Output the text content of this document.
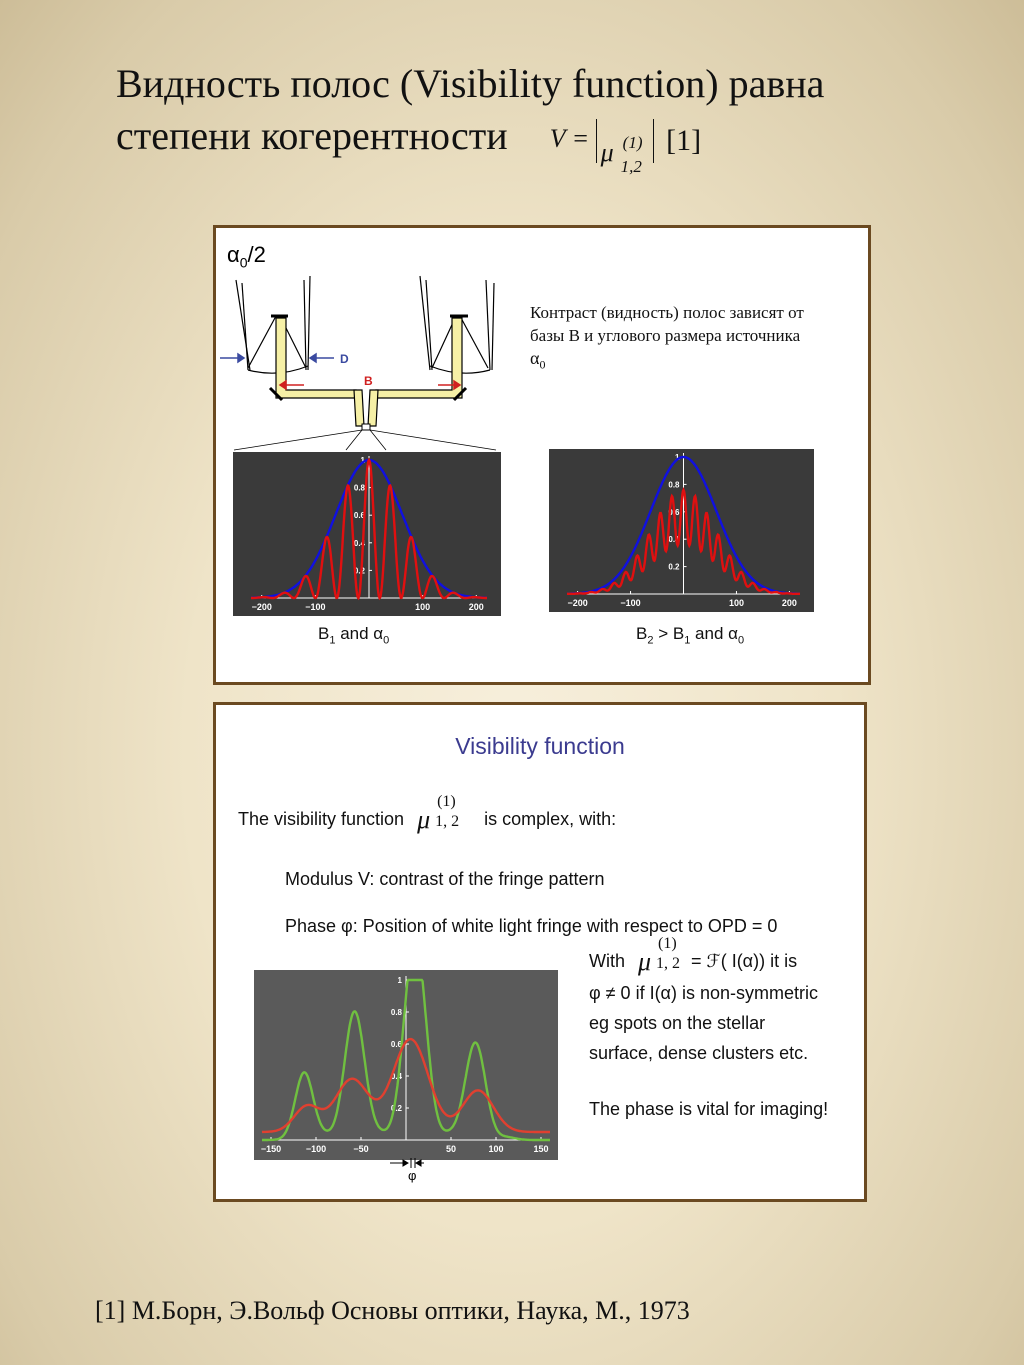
Видность полос (Visibility function) равна
степени когерентности V = μ (1)
1,2
[1]
$\alpha_0/2$
D
B
Контраст (видность) полос зависят от
базы В и углового размера источника
$\alpha_0$
−200	−100	100	200
0.2
0.4
0.6
0.8
1
−200	−100	100	200
0.2
0.4
0.6
0.8
1
$B_1$ and $\alpha_0$	$B_2 > B_1$ and $\alpha_0$
Visibility function
The visibility function μ
(1)
1, 2 is complex, with:
Modulus V: contrast of the fringe pattern
Phase φ: Position of white light fringe with respect to OPD = 0
With μ
(1)
1, 2 = ℱ( I(α)) it is
φ ≠ 0 if I(α) is non-symmetric
eg spots on the stellar
surface, dense clusters etc.
The phase is vital for imaging!
−150	−100	−50	50	100	150
0.2
0.4
0.6
0.8
1
φ
[1] М.Борн, Э.Вольф Основы оптики, Наука, М., 1973
